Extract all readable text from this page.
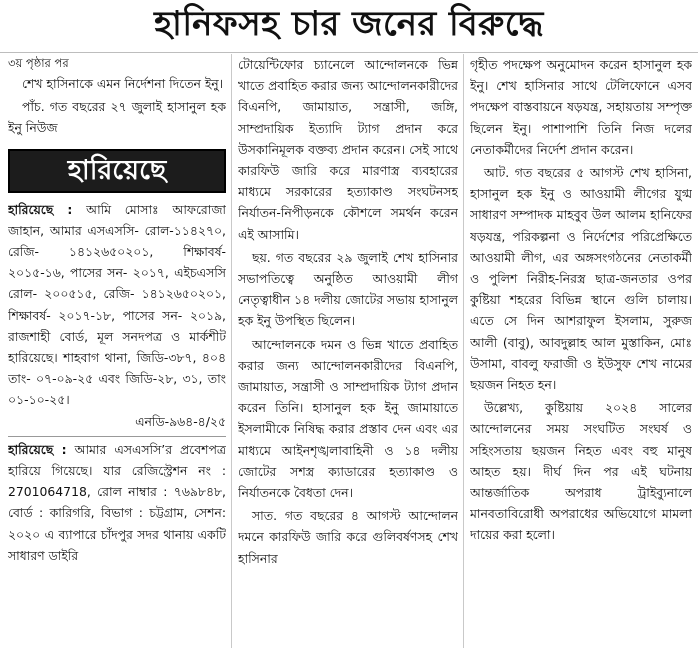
হানিফসহ চার জনের বিরুদ্ধে

৩য় পৃষ্ঠার পর

শেখ হাসিনাকে এমন নির্দেশনা দিতেন ইনু।

পাঁচ. গত বছরের ২৭ জুলাই হাসানুল হক ইনু নিউজ

হারিয়েছে

হারিয়েছে : আমি মোসাঃ আফরোজা জাহান, আমার এসএসসি- রোল-১১৪২৭০, রেজি- ১৪১২৬৫০২০১, শিক্ষাবর্ষ- ২০১৫-১৬, পাসের সন- ২০১৭, এইচএসসি রোল- ২০০৫১৫, রেজি- ১৪১২৬৫০২০১, শিক্ষাবর্ষ- ২০১৭-১৮, পাসের সন- ২০১৯, রাজশাহী বোর্ড, মূল সনদপত্র ও মার্কশীট হারিয়েছে। শাহবাগ থানা, জিডি-৩৮৭, ৪০৪ তাং- ০৭-০৯-২৫ এবং জিডি-২৮, ৩১, তাং ০১-১০-২৫।

এনডি-৯৬৪-৪/২৫

হারিয়েছে : আমার এসএসসি’র প্রবেশপত্র হারিয়ে গিয়েছে। যার রেজিস্ট্রেশন নং : 2701064718, রোল নাম্বার : ৭৬৯৮৪৮, বোর্ড : কারিগরি, বিভাগ : চট্টগ্রাম, সেশন: ২০২০ এ ব্যাপারে চাঁদপুর সদর থানায় একটি সাধারণ ডাইরি

টোয়েন্টিফোর চ্যানেলে আন্দোলনকে ভিন্ন খাতে প্রবাহিত করার জন্য আন্দোলনকারীদের বিএনপি, জামায়াত, সন্ত্রাসী, জঙ্গি, সাম্প্রদায়িক ইত্যাদি ট্যাগ প্রদান করে উসকানিমূলক বক্তব্য প্রদান করেন। সেই সাথে কারফিউ জারি করে মারণাস্ত্র ব্যবহারের মাধ্যমে সরকারের হত্যাকাণ্ড সংঘটনসহ নির্যাতন-নিপীড়নকে কৌশলে সমর্থন করেন এই আসামি।

ছয়. গত বছরের ২৯ জুলাই শেখ হাসিনার সভাপতিত্বে অনুষ্ঠিত আওয়ামী লীগ নেতৃত্বাধীন ১৪ দলীয় জোটের সভায় হাসানুল হক ইনু উপস্থিত ছিলেন।

আন্দোলনকে দমন ও ভিন্ন খাতে প্রবাহিত করার জন্য আন্দোলনকারীদের বিএনপি, জামায়াত, সন্ত্রাসী ও সাম্প্রদায়িক ট্যাগ প্রদান করেন তিনি। হাসানুল হক ইনু জামায়াতে ইসলামীকে নিষিদ্ধ করার প্রস্তাব দেন এবং এর মাধ্যমে আইনশৃঙ্খলাবাহিনী ও ১৪ দলীয় জোটের সশস্ত্র ক্যাডারের হত্যাকাণ্ড ও নির্যাতনকে বৈধতা দেন।

সাত. গত বছরের ৪ আগস্ট আন্দোলন দমনে কারফিউ জারি করে গুলিবর্ষণসহ শেখ হাসিনার

গৃহীত পদক্ষেপ অনুমোদন করেন হাসানুল হক ইনু। শেখ হাসিনার সাথে টেলিফোনে এসব পদক্ষেপ বাস্তবায়নে ষড়যন্ত্র, সহায়তায় সম্পৃক্ত ছিলেন ইনু। পাশাপাশি তিনি নিজ দলের নেতাকর্মীদের নির্দেশ প্রদান করেন।

আট. গত বছরের ৫ আগস্ট শেখ হাসিনা, হাসানুল হক ইনু ও আওয়ামী লীগের যুগ্ম সাধারণ সম্পাদক মাহবুব উল আলম হানিফের ষড়যন্ত্র, পরিকল্পনা ও নির্দেশের পরিপ্রেক্ষিতে আওয়ামী লীগ, এর অঙ্গসংগঠনের নেতাকর্মী ও পুলিশ নিরীহ-নিরস্ত্র ছাত্র-জনতার ওপর কুষ্টিয়া শহরের বিভিন্ন স্থানে গুলি চালায়। এতে সে দিন আশরাফুল ইসলাম, সুরুজ আলী (বাবু), আবদুল্লাহ আল মুস্তাকিন, মোঃ উসামা, বাবলু ফরাজী ও ইউসুফ শেখ নামের ছয়জন নিহত হন।

উল্লেখ্য, কুষ্টিয়ায় ২০২৪ সালের আন্দোলনের সময় সংঘটিত সংঘর্ষ ও সহিংসতায় ছয়জন নিহত এবং বহু মানুষ আহত হয়। দীর্ঘ দিন পর এই ঘটনায় আন্তর্জাতিক অপরাধ ট্রাইব্যুনালে মানবতাবিরোধী অপরাধের অভিযোগে মামলা দায়ের করা হলো।
